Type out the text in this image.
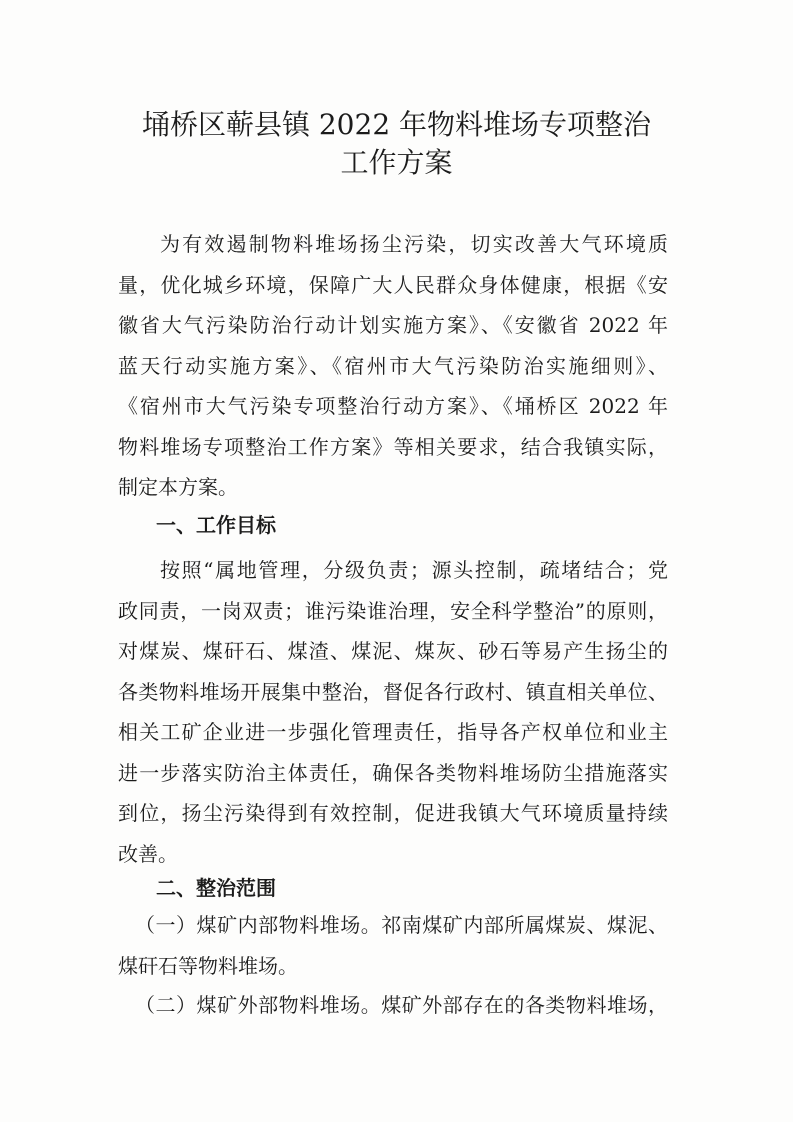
埇桥区蕲县镇 2022 年物料堆场专项整治
工作方案
为有效遏制物料堆场扬尘污染，切实改善大气环境质
量，优化城乡环境，保障广大人民群众身体健康，根据《安
徽省大气污染防治行动计划实施方案》、《安徽省 2022 年
蓝天行动实施方案》、《宿州市大气污染防治实施细则》、
《宿州市大气污染专项整治行动方案》、《埇桥区 2022 年
物料堆场专项整治工作方案》等相关要求，结合我镇实际，
制定本方案。
一、工作目标
按照“属地管理，分级负责；源头控制，疏堵结合；党
政同责，一岗双责；谁污染谁治理，安全科学整治”的原则，
对煤炭、煤矸石、煤渣、煤泥、煤灰、砂石等易产生扬尘的
各类物料堆场开展集中整治，督促各行政村、镇直相关单位、
相关工矿企业进一步强化管理责任，指导各产权单位和业主
进一步落实防治主体责任，确保各类物料堆场防尘措施落实
到位，扬尘污染得到有效控制，促进我镇大气环境质量持续
改善。
二、整治范围
（一）煤矿内部物料堆场。祁南煤矿内部所属煤炭、煤泥、
煤矸石等物料堆场。
（二）煤矿外部物料堆场。煤矿外部存在的各类物料堆场，
